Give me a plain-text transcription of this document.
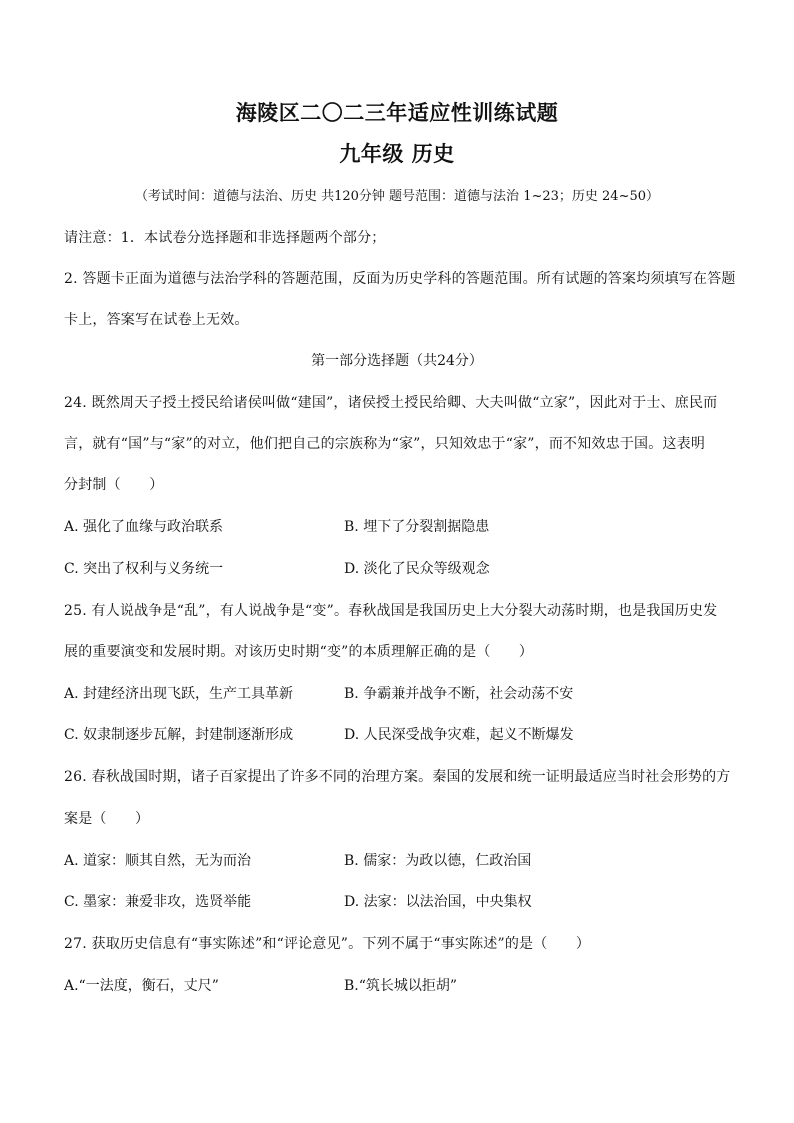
海陵区二〇二三年适应性训练试题
九年级 历史
（考试时间：道德与法治、历史 共120分钟 题号范围：道德与法治 1~23；历史 24~50）
请注意：1．本试卷分选择题和非选择题两个部分；
2. 答题卡正面为道德与法治学科的答题范围，反面为历史学科的答题范围。所有试题的答案均须填写在答题
卡上，答案写在试卷上无效。
第一部分选择题（共24分）
24. 既然周天子授土授民给诸侯叫做“建国”，诸侯授土授民给卿、大夫叫做“立家”，因此对于士、庶民而
言，就有“国”与“家”的对立，他们把自己的宗族称为“家”，只知效忠于“家”，而不知效忠于国。这表明
分封制（　　）
A. 强化了血缘与政治联系	B. 埋下了分裂割据隐患
C. 突出了权利与义务统一	D. 淡化了民众等级观念
25. 有人说战争是“乱”，有人说战争是“变”。春秋战国是我国历史上大分裂大动荡时期，也是我国历史发
展的重要演变和发展时期。对该历史时期“变”的本质理解正确的是（　　）
A. 封建经济出现飞跃，生产工具革新	B. 争霸兼并战争不断，社会动荡不安
C. 奴隶制逐步瓦解，封建制逐渐形成	D. 人民深受战争灾难，起义不断爆发
26. 春秋战国时期，诸子百家提出了许多不同的治理方案。秦国的发展和统一证明最适应当时社会形势的方
案是（　　）
A. 道家：顺其自然，无为而治	B. 儒家：为政以德，仁政治国
C. 墨家：兼爱非攻，选贤举能	D. 法家：以法治国，中央集权
27. 获取历史信息有“事实陈述”和“评论意见”。下列不属于“事实陈述”的是（　　）
A.“一法度，衡石，丈尺”	B.“筑长城以拒胡”
